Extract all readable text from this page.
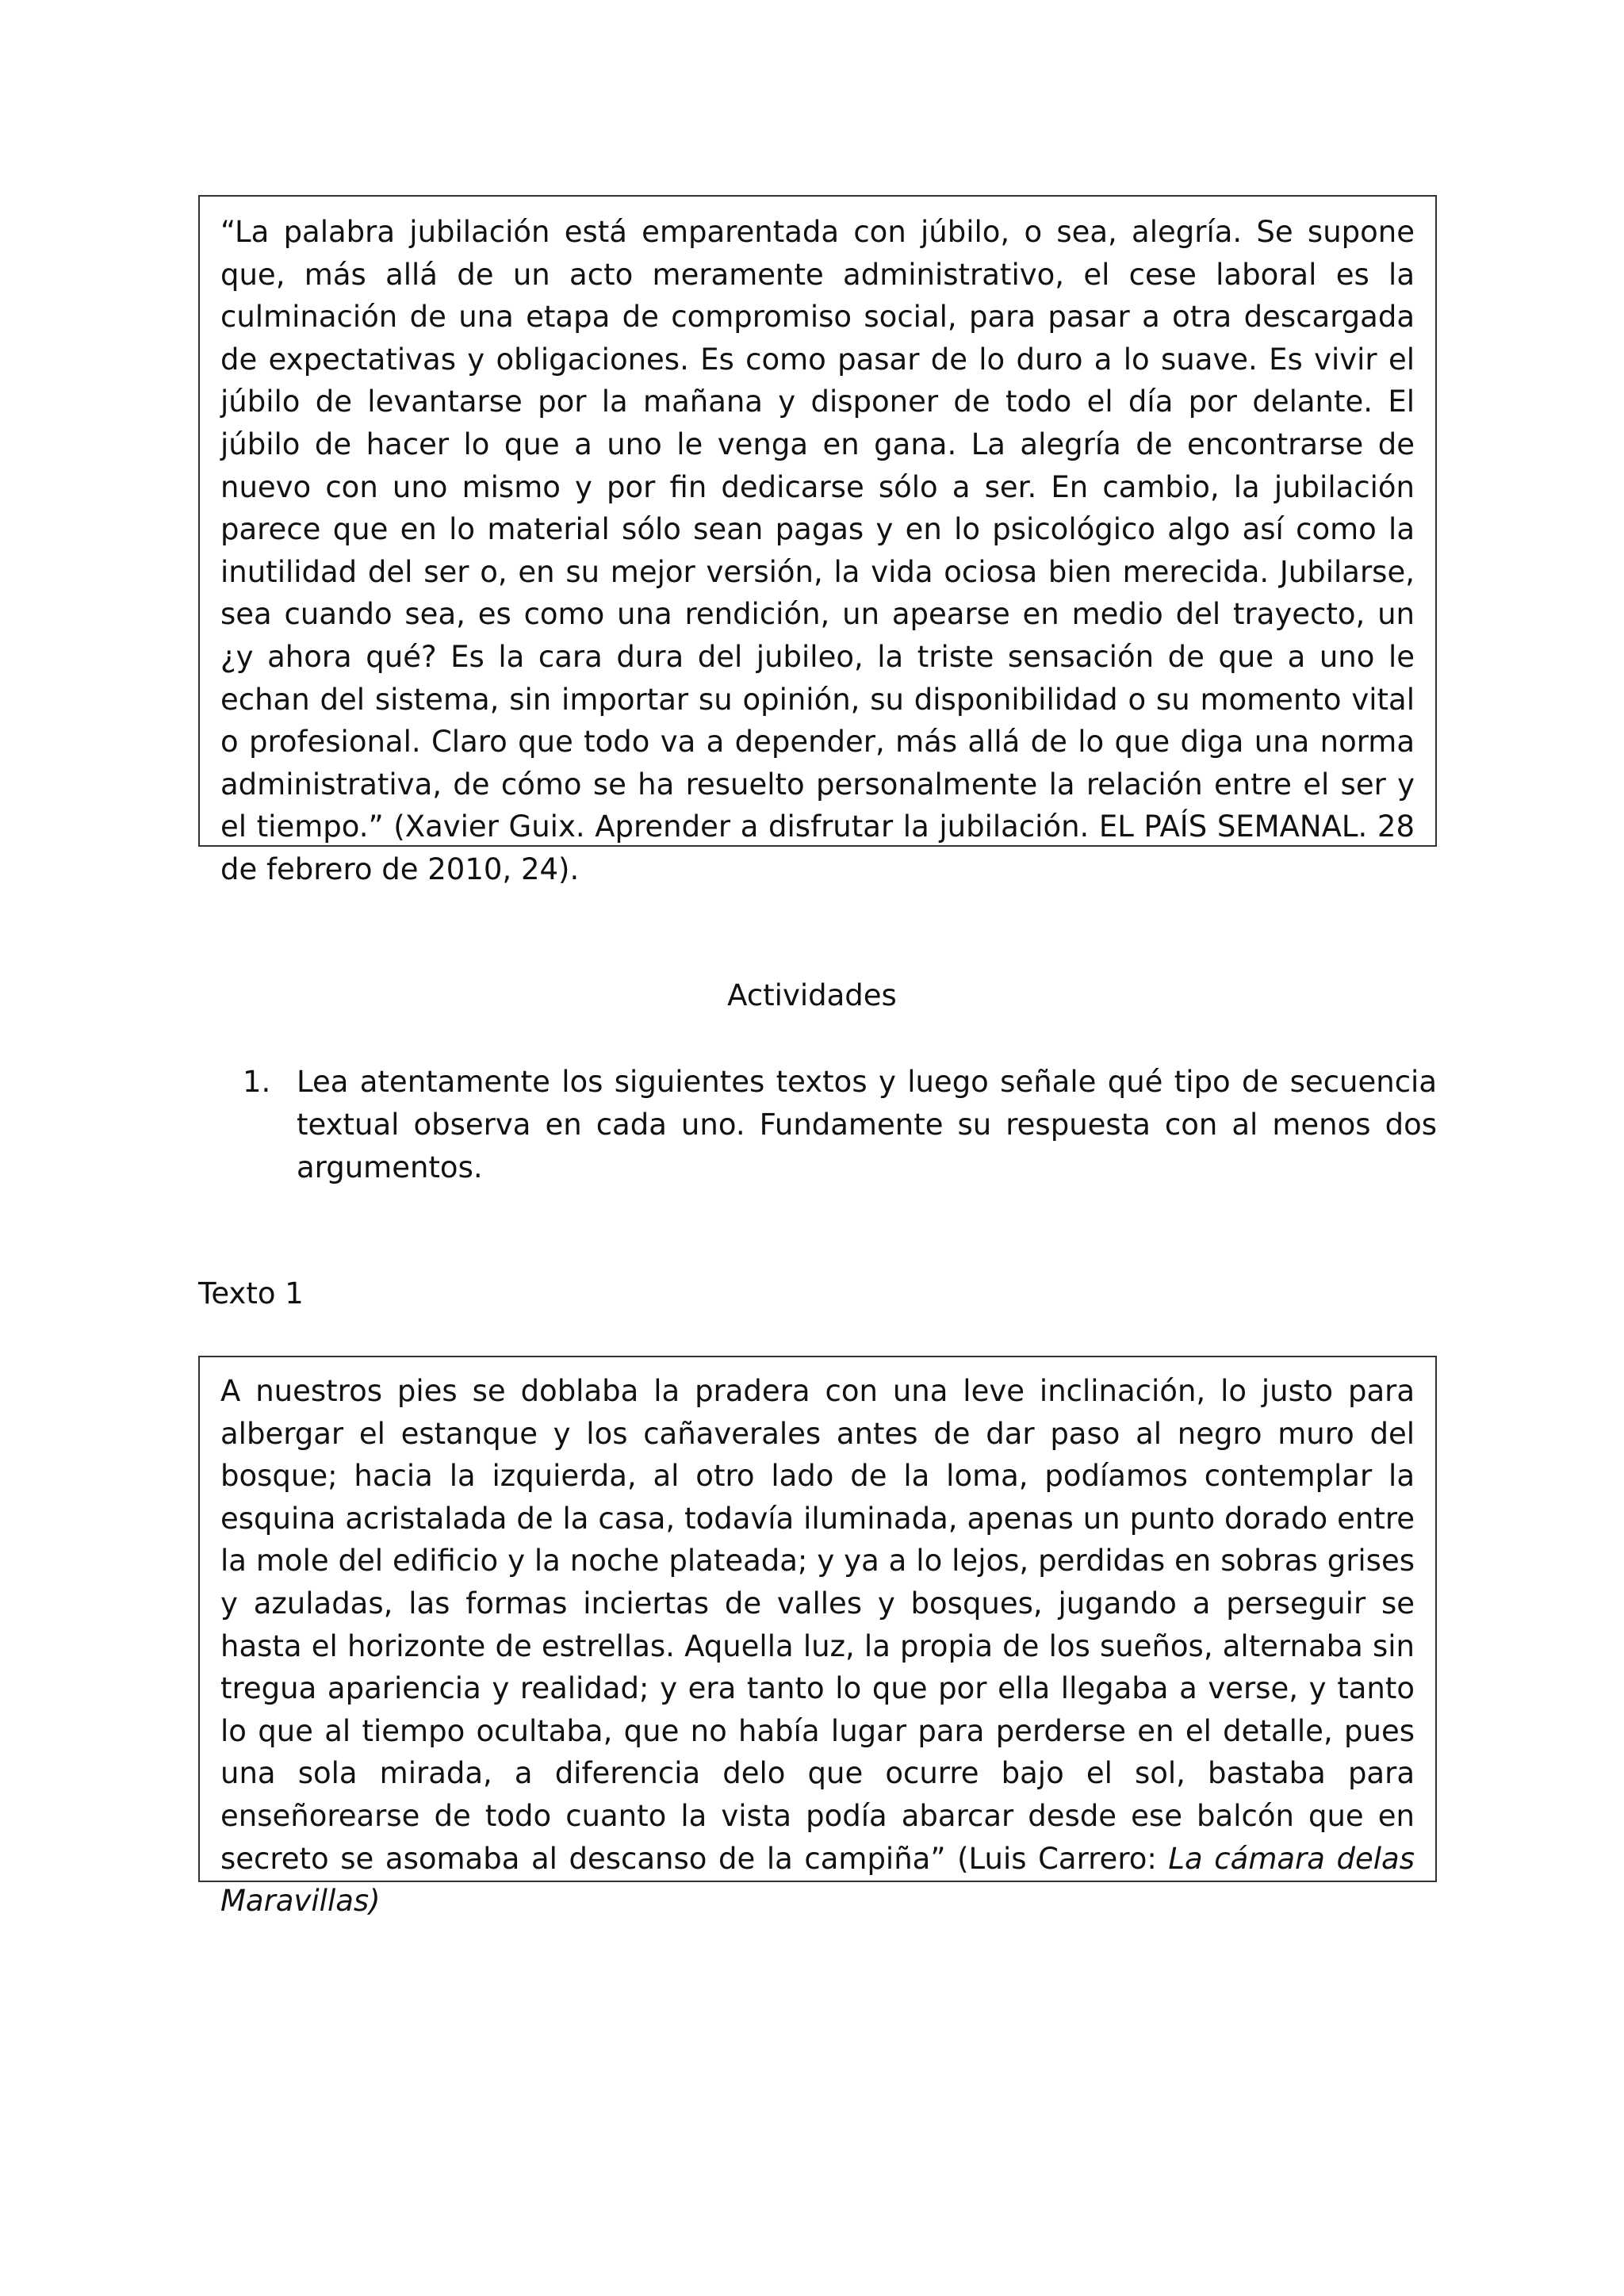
“La palabra jubilación está emparentada con júbilo, o sea, alegría. Se supone que, más allá de un acto meramente administrativo, el cese laboral es la culminación de una etapa de compromiso social, para pasar a otra descargada de expectativas y obligaciones. Es como pasar de lo duro a lo suave. Es vivir el júbilo de levantarse por la mañana y disponer de todo el día por delante. El júbilo de hacer lo que a uno le venga en gana. La alegría de encontrarse de nuevo con uno mismo y por fin dedicarse sólo a ser. En cambio, la jubilación parece que en lo material sólo sean pagas y en lo psicológico algo así como la inutilidad del ser o, en su mejor versión, la vida ociosa bien merecida. Jubilarse, sea cuando sea, es como una rendición, un apearse en medio del trayecto, un ¿y ahora qué? Es la cara dura del jubileo, la triste sensación de que a uno le echan del sistema, sin importar su opinión, su disponibilidad o su momento vital o profesional. Claro que todo va a depender, más allá de lo que diga una norma administrativa, de cómo se ha resuelto personalmente la relación entre el ser y el tiempo.” (Xavier Guix. Aprender a disfrutar la jubilación. EL PAÍS SEMANAL. 28 de febrero de 2010, 24).

Actividades
1. Lea atentamente los siguientes textos y luego señale qué tipo de secuencia textual observa en cada uno. Fundamente su respuesta con al menos dos argumentos.

Texto 1

A nuestros pies se doblaba la pradera con una leve inclinación, lo justo para albergar el estanque y los cañaverales antes de dar paso al negro muro del bosque; hacia la izquierda, al otro lado de la loma, podíamos contemplar la esquina acristalada de la casa, todavía iluminada, apenas un punto dorado entre la mole del edificio y la noche plateada; y ya a lo lejos, perdidas en sobras grises y azuladas, las formas inciertas de valles y bosques, jugando a perseguir se hasta el horizonte de estrellas. Aquella luz, la propia de los sueños, alternaba sin tregua apariencia y realidad; y era tanto lo que por ella llegaba a verse, y tanto lo que al tiempo ocultaba, que no había lugar para perderse en el detalle, pues una sola mirada, a diferencia delo que ocurre bajo el sol, bastaba para enseñorearse de todo cuanto la vista podía abarcar desde ese balcón que en secreto se asomaba al descanso de la campiña” (Luis Carrero: La cámara delas Maravillas)
